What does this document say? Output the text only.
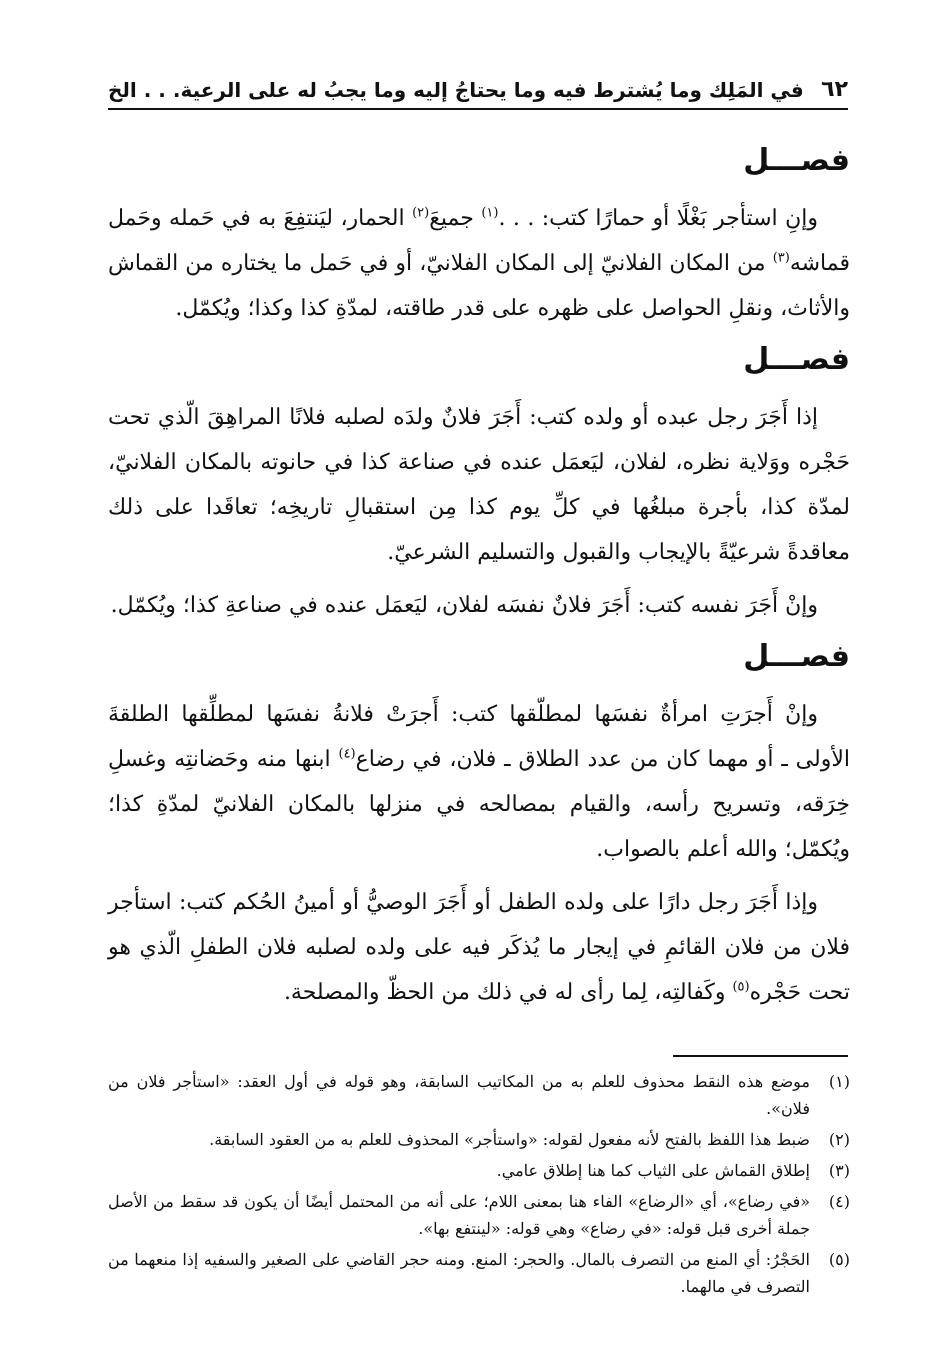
٦٢
في المَلِك وما يُشترط فيه وما يحتاجُ إليه وما يجبُ له على الرعية. . . الخ
فصـــل

وإنِ استأجر بَغْلًا أو حمارًا كتب: . . .$^{(١)}$ جميعَ$^{(٢)}$ الحمار، ليَنتفِعَ به في حَمله وحَمل قماشه$^{(٣)}$ من المكان الفلانيّ إلى المكان الفلانيّ، أو في حَمل ما يختاره من القماش والأثاث، ونقلِ الحواصل على ظهره على قدر طاقته، لمدّةِ كذا وكذا؛ ويُكمّل.

فصـــل

إذا أَجَرَ رجل عبده أو ولده كتب: أَجَرَ فلانٌ ولدَه لصلبه فلانًا المراهِقَ الّذي تحت حَجْره ووَلاية نظره، لفلان، ليَعمَل عنده في صناعة كذا في حانوته بالمكان الفلانيّ، لمدّة كذا، بأجرة مبلغُها في كلِّ يوم كذا مِن استقبالِ تاريخِه؛ تعاقَدا على ذلك معاقدةً شرعيّةً بالإيجاب والقبول والتسليم الشرعيّ.

وإنْ أَجَرَ نفسه كتب: أَجَرَ فلانٌ نفسَه لفلان، ليَعمَل عنده في صناعةِ كذا؛ ويُكمّل.

فصـــل

وإنْ أَجرَتِ امرأةٌ نفسَها لمطلّقها كتب: أَجرَتْ فلانةُ نفسَها لمطلِّقها الطلقةَ الأولى ـ أو مهما كان من عدد الطلاق ـ فلان، في رضاع$^{(٤)}$ ابنها منه وحَضانتِه وغسلِ خِرَقه، وتسريح رأسه، والقيام بمصالحه في منزلها بالمكان الفلانيّ لمدّةِ كذا؛ ويُكمّل؛ والله أعلم بالصواب.

وإذا أَجَرَ رجل دارًا على ولده الطفل أو أَجَرَ الوصيُّ أو أمينُ الحُكم كتب: استأجر فلان من فلان القائمِ في إيجار ما يُذكَر فيه على ولده لصلبه فلان الطفلِ الّذي هو تحت حَجْره$^{(٥)}$ وكَفالتِه، لِما رأى له في ذلك من الحظّ والمصلحة.

(١)
موضع هذه النقط محذوف للعلم به من المكاتيب السابقة، وهو قوله في أول العقد: «استأجر فلان من فلان».
(٢)
ضبط هذا اللفظ بالفتح لأنه مفعول لقوله: «واستأجر» المحذوف للعلم به من العقود السابقة.
(٣)
إطلاق القماش على الثياب كما هنا إطلاق عامي.
(٤)
«في رضاع»، أي «الرضاع» الفاء هنا بمعنى اللام؛ على أنه من المحتمل أيضًا أن يكون قد سقط من الأصل جملة أخرى قبل قوله: «في رضاع» وهي قوله: «لينتفع بها».
(٥)
الحَجْرُ: أي المنع من التصرف بالمال. والحجر: المنع. ومنه حجر القاضي على الصغير والسفيه إذا منعهما من التصرف في مالهما.
